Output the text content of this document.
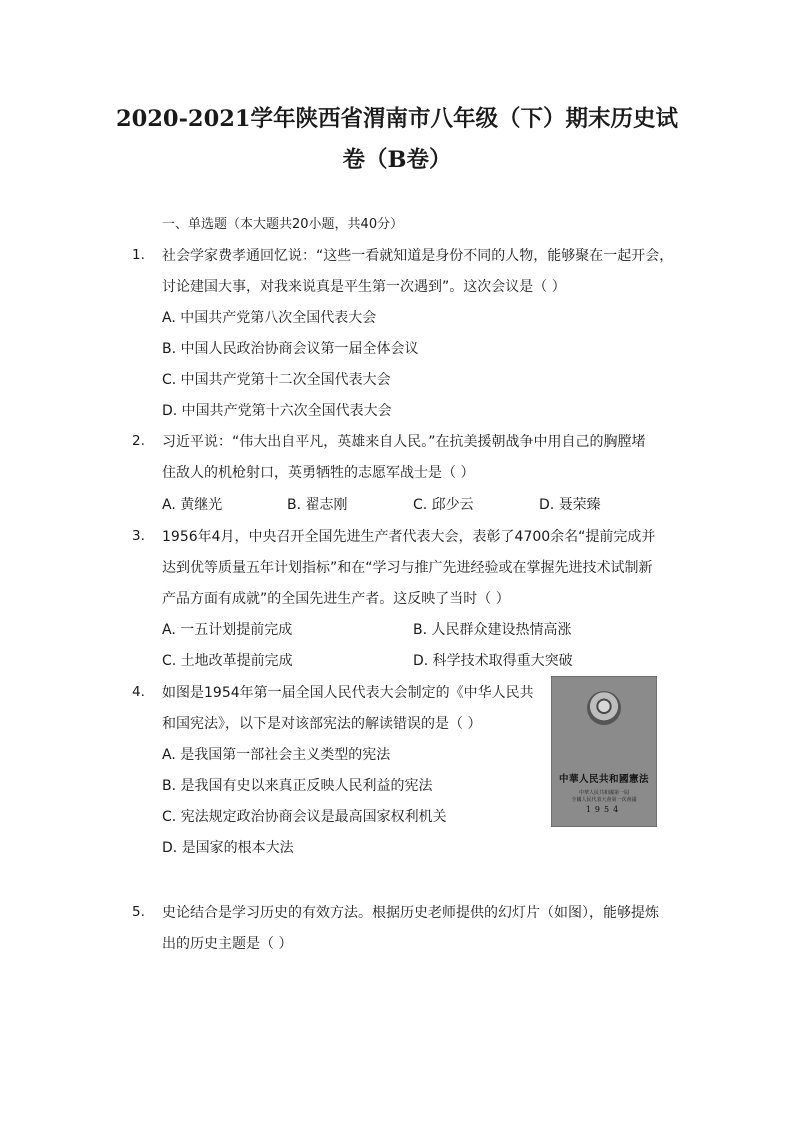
2020-2021学年陕西省渭南市八年级（下）期末历史试
卷（B卷）
一、单选题（本大题共20小题，共40分）
1. 社会学家费孝通回忆说：“这些一看就知道是身份不同的人物，能够聚在一起开会，
讨论建国大事，对我来说真是平生第一次遇到”。这次会议是（ ）
A. 中国共产党第八次全国代表大会
B. 中国人民政治协商会议第一届全体会议
C. 中国共产党第十二次全国代表大会
D. 中国共产党第十六次全国代表大会
2. 习近平说：“伟大出自平凡，英雄来自人民。”在抗美援朝战争中用自己的胸膛堵
住敌人的机枪射口，英勇牺牲的志愿军战士是（ ）
A. 黄继光	B. 翟志刚	C. 邱少云	D. 聂荣臻
3. 1956年4月，中央召开全国先进生产者代表大会，表彰了4700余名“提前完成并
达到优等质量五年计划指标”和在“学习与推广先进经验或在掌握先进技术试制新
产品方面有成就”的全国先进生产者。这反映了当时（ ）
A. 一五计划提前完成	B. 人民群众建设热情高涨
C. 土地改革提前完成	D. 科学技术取得重大突破
4. 如图是1954年第一届全国人民代表大会制定的《中华人民共
和国宪法》，以下是对该部宪法的解读错误的是（ ）
A. 是我国第一部社会主义类型的宪法
B. 是我国有史以来真正反映人民利益的宪法
C. 宪法规定政治协商会议是最高国家权利机关
D. 是国家的根本大法
中華人民共和國憲法
中華人民共和國第一屆
全國人民代表大會第一次會議
1954
5. 史论结合是学习历史的有效方法。根据历史老师提供的幻灯片（如图），能够提炼
出的历史主题是（ ）
